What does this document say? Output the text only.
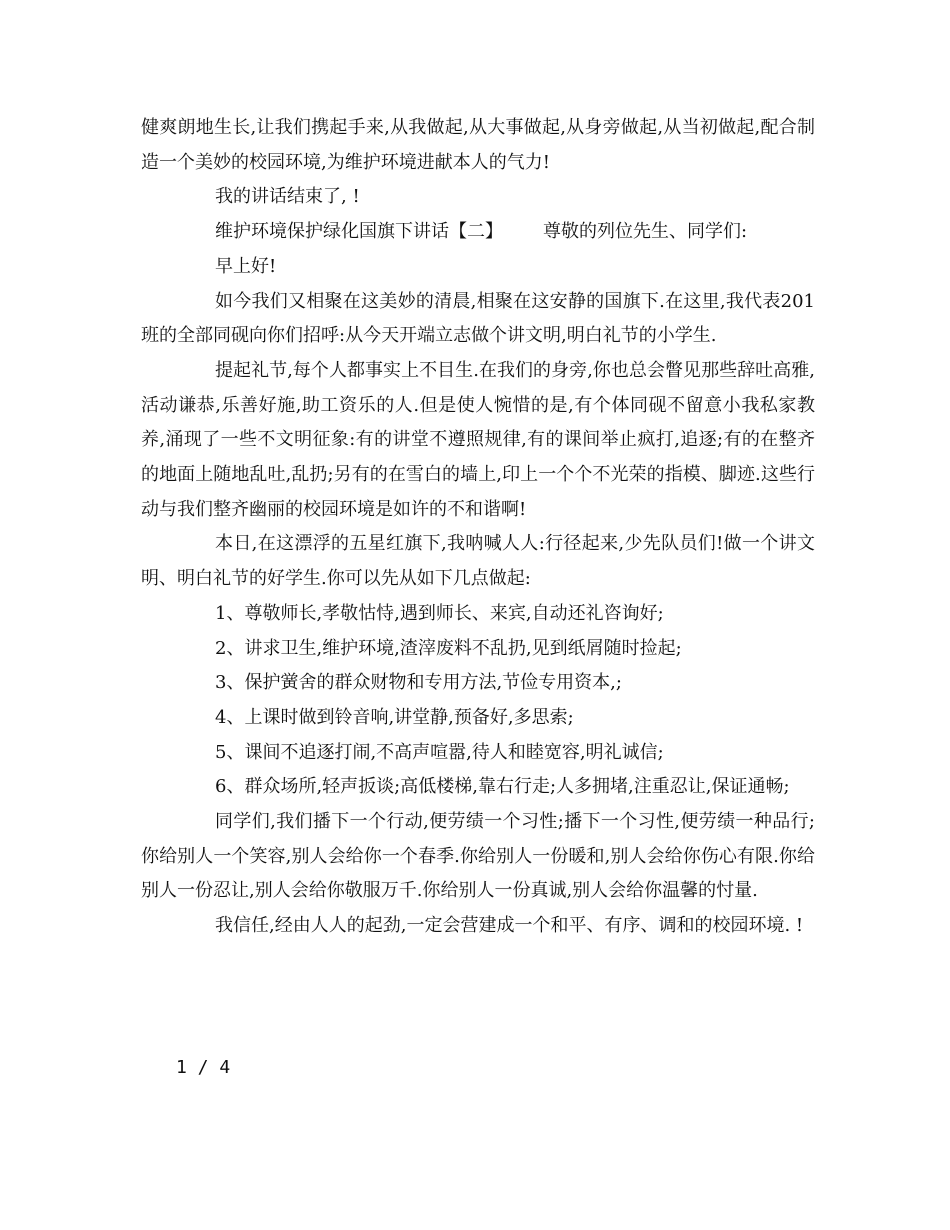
健爽朗地生长,让我们携起手来,从我做起,从大事做起,从身旁做起,从当初做起,配合制造一个美妙的校园环境,为维护环境进献本人的气力!

我的讲话结束了, !

维护环境保护绿化国旗下讲话【二】 尊敬的列位先生、同学们:

早上好!

如今我们又相聚在这美妙的清晨,相聚在这安静的国旗下.在这里,我代表201班的全部同砚向你们招呼:从今天开端立志做个讲文明,明白礼节的小学生.

提起礼节,每个人都事实上不目生.在我们的身旁,你也总会瞥见那些辞吐高雅,活动谦恭,乐善好施,助工资乐的人.但是使人惋惜的是,有个体同砚不留意小我私家教养,涌现了一些不文明征象:有的讲堂不遵照规律,有的课间举止疯打,追逐;有的在整齐的地面上随地乱吐,乱扔;另有的在雪白的墙上,印上一个个不光荣的指模、脚迹.这些行动与我们整齐幽丽的校园环境是如许的不和谐啊!

本日,在这漂浮的五星红旗下,我呐喊人人:行径起来,少先队员们!做一个讲文明、明白礼节的好学生.你可以先从如下几点做起:

1、尊敬师长,孝敬怙恃,遇到师长、来宾,自动还礼咨询好;

2、讲求卫生,维护环境,渣滓废料不乱扔,见到纸屑随时捡起;

3、保护黉舍的群众财物和专用方法,节俭专用资本,;

4、上课时做到铃音响,讲堂静,预备好,多思索;

5、课间不追逐打闹,不高声喧嚣,待人和睦宽容,明礼诚信;

6、群众场所,轻声扳谈;高低楼梯,靠右行走;人多拥堵,注重忍让,保证通畅;

同学们,我们播下一个行动,便劳绩一个习性;播下一个习性,便劳绩一种品行;你给别人一个笑容,别人会给你一个春季.你给别人一份暖和,别人会给你伤心有限.你给别人一份忍让,别人会给你敬服万千.你给别人一份真诚,别人会给你温馨的忖量.

我信任,经由人人的起劲,一定会营建成一个和平、有序、调和的校园环境. !

1 / 4
